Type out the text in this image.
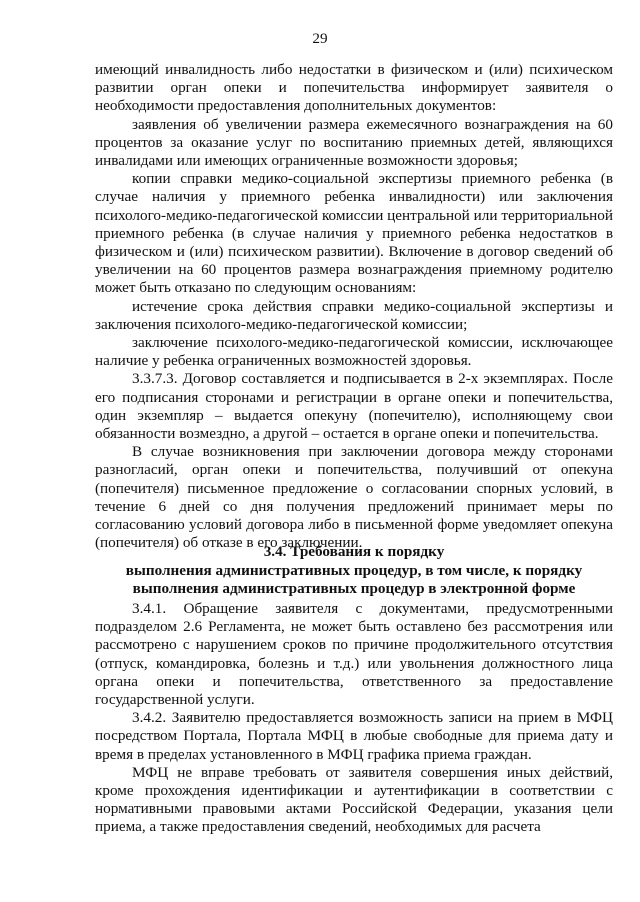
29

имеющий инвалидность либо недостатки в физическом и (или) психическом развитии орган опеки и попечительства информирует заявителя о необходимости предоставления дополнительных документов:

заявления об увеличении размера ежемесячного вознаграждения на 60 процентов за оказание услуг по воспитанию приемных детей, являющихся инвалидами или имеющих ограниченные возможности здоровья;

копии справки медико-социальной экспертизы приемного ребенка (в случае наличия у приемного ребенка инвалидности) или заключения психолого-медико-педагогической комиссии центральной или территориальной приемного ребенка (в случае наличия у приемного ребенка недостатков в физическом и (или) психическом развитии). Включение в договор сведений об увеличении на 60 процентов размера вознаграждения приемному родителю может быть отказано по следующим основаниям:

истечение срока действия справки медико-социальной экспертизы и заключения психолого-медико-педагогической комиссии;

заключение психолого-медико-педагогической комиссии, исключающее наличие у ребенка ограниченных возможностей здоровья.

3.3.7.3. Договор составляется и подписывается в 2-х экземплярах. После его подписания сторонами и регистрации в органе опеки и попечительства, один экземпляр – выдается опекуну (попечителю), исполняющему свои обязанности возмездно, а другой – остается в органе опеки и попечительства.

В случае возникновения при заключении договора между сторонами разногласий, орган опеки и попечительства, получивший от опекуна (попечителя) письменное предложение о согласовании спорных условий, в течение 6 дней со дня получения предложений принимает меры по согласованию условий договора либо в письменной форме уведомляет опекуна (попечителя) об отказе в его заключении.

3.4. Требования к порядку
выполнения административных процедур, в том числе, к порядку
выполнения административных процедур в электронной форме

3.4.1. Обращение заявителя с документами, предусмотренными подразделом 2.6 Регламента, не может быть оставлено без рассмотрения или рассмотрено с нарушением сроков по причине продолжительного отсутствия (отпуск, командировка, болезнь и т.д.) или увольнения должностного лица органа опеки и попечительства, ответственного за предоставление государственной услуги.

3.4.2. Заявителю предоставляется возможность записи на прием в МФЦ посредством Портала, Портала МФЦ в любые свободные для приема дату и время в пределах установленного в МФЦ графика приема граждан.

МФЦ не вправе требовать от заявителя совершения иных действий, кроме прохождения идентификации и аутентификации в соответствии с нормативными правовыми актами Российской Федерации, указания цели приема, а также предоставления сведений, необходимых для расчета
